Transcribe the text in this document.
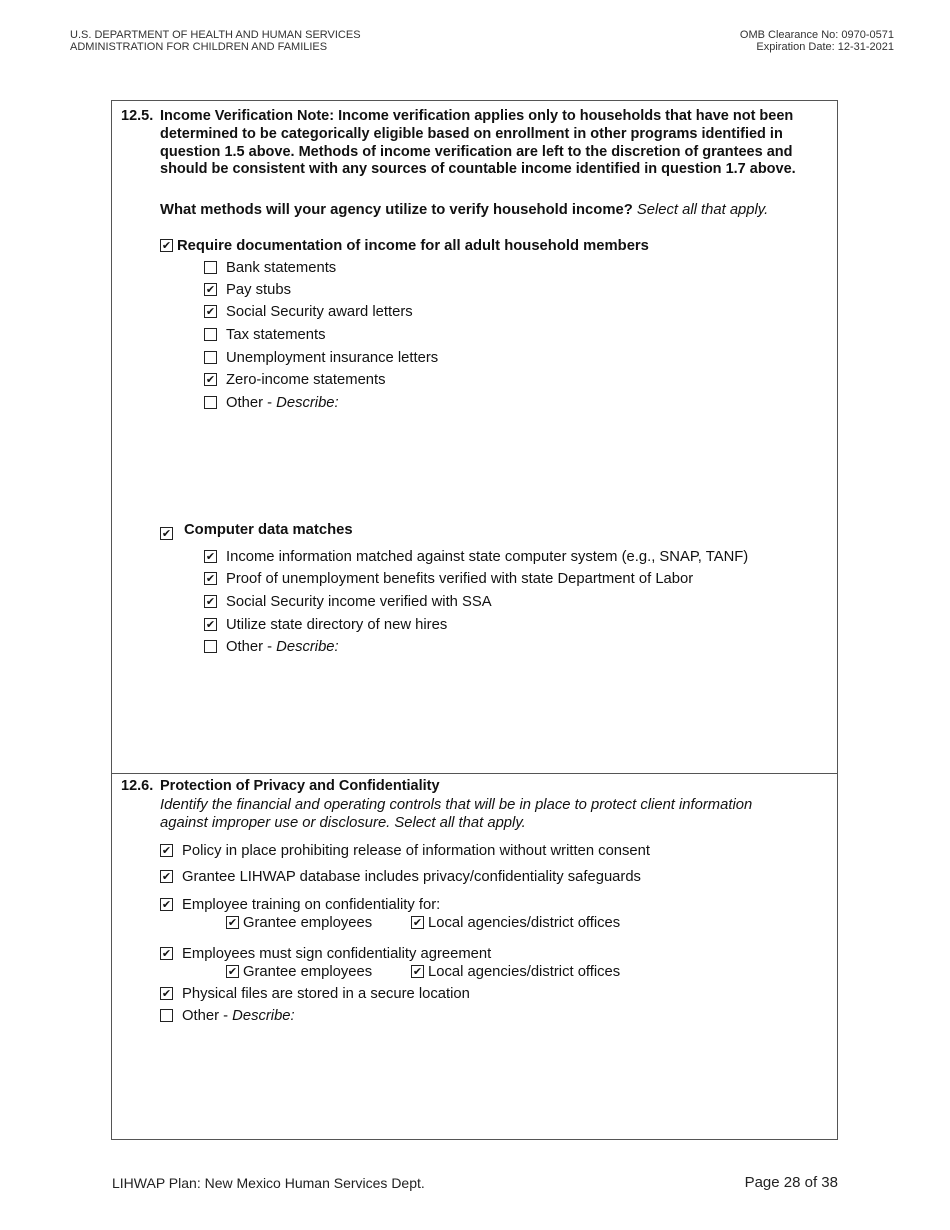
U.S. DEPARTMENT OF HEALTH AND HUMAN SERVICES
ADMINISTRATION FOR CHILDREN AND FAMILIES
OMB Clearance No: 0970-0571
Expiration Date: 12-31-2021
12.5. Income Verification Note: Income verification applies only to households that have not been determined to be categorically eligible based on enrollment in other programs identified in question 1.5 above. Methods of income verification are left to the discretion of grantees and should be consistent with any sources of countable income identified in question 1.7 above.
What methods will your agency utilize to verify household income? Select all that apply.
✔Require documentation of income for all adult household members
Bank statements
✔Pay stubs
✔Social Security award letters
Tax statements
Unemployment insurance letters
✔Zero-income statements
Other - Describe:
✔Computer data matches
✔Income information matched against state computer system (e.g., SNAP, TANF)
✔Proof of unemployment benefits verified with state Department of Labor
✔Social Security income verified with SSA
✔Utilize state directory of new hires
Other - Describe:
12.6. Protection of Privacy and Confidentiality
Identify the financial and operating controls that will be in place to protect client information
against improper use or disclosure. Select all that apply.
✔Policy in place prohibiting release of information without written consent
✔Grantee LIHWAP database includes privacy/confidentiality safeguards
✔Employee training on confidentiality for:
✔Grantee employees ✔	Local agencies/district offices
✔Employees must sign confidentiality agreement
✔Grantee employees ✔	Local agencies/district offices
✔Physical files are stored in a secure location
Other - Describe:
LIHWAP Plan: New Mexico Human Services Dept.	Page 28 of 38
